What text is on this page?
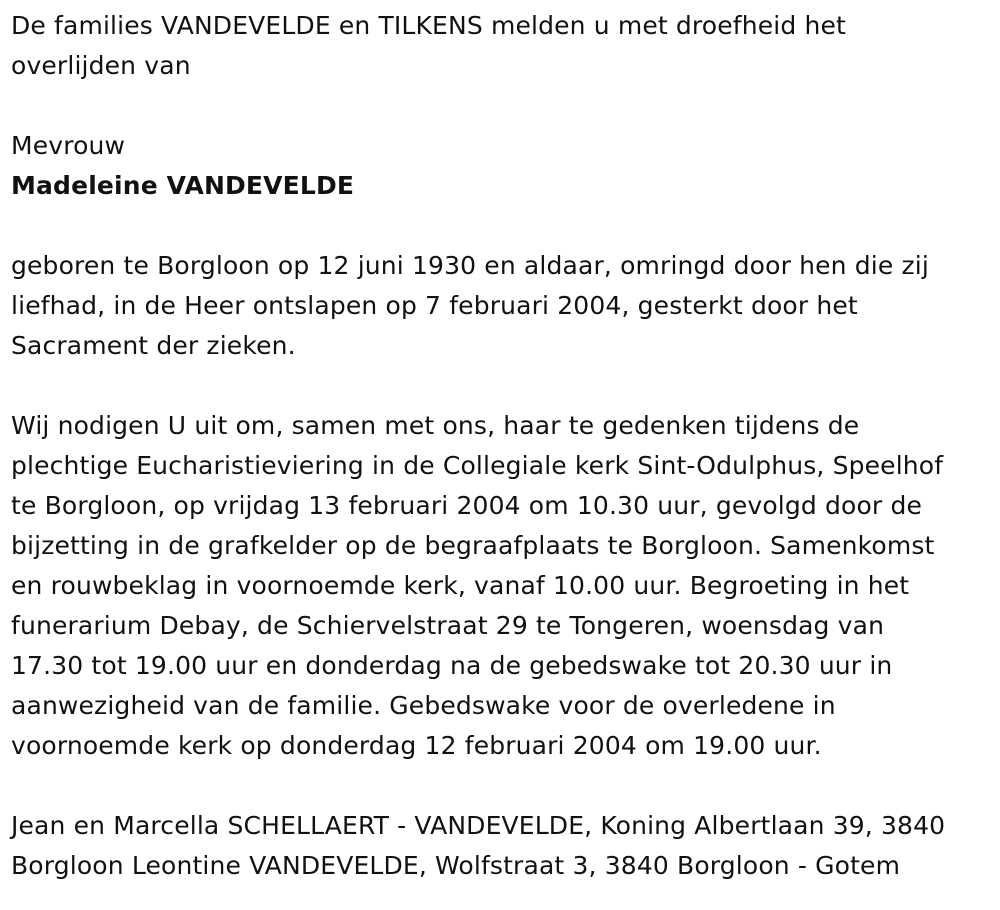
De families VANDEVELDE en TILKENS melden u met droefheid het
overlijden van
Mevrouw
Madeleine VANDEVELDE
geboren te Borgloon op 12 juni 1930 en aldaar, omringd door hen die zij
liefhad, in de Heer ontslapen op 7 februari 2004, gesterkt door het
Sacrament der zieken.
Wij nodigen U uit om, samen met ons, haar te gedenken tijdens de
plechtige Eucharistieviering in de Collegiale kerk Sint-Odulphus, Speelhof
te Borgloon, op vrijdag 13 februari 2004 om 10.30 uur, gevolgd door de
bijzetting in de grafkelder op de begraafplaats te Borgloon. Samenkomst
en rouwbeklag in voornoemde kerk, vanaf 10.00 uur. Begroeting in het
funerarium Debay, de Schiervelstraat 29 te Tongeren, woensdag van
17.30 tot 19.00 uur en donderdag na de gebedswake tot 20.30 uur in
aanwezigheid van de familie. Gebedswake voor de overledene in
voornoemde kerk op donderdag 12 februari 2004 om 19.00 uur.
Jean en Marcella SCHELLAERT - VANDEVELDE, Koning Albertlaan 39, 3840
Borgloon Leontine VANDEVELDE, Wolfstraat 3, 3840 Borgloon - Gotem
